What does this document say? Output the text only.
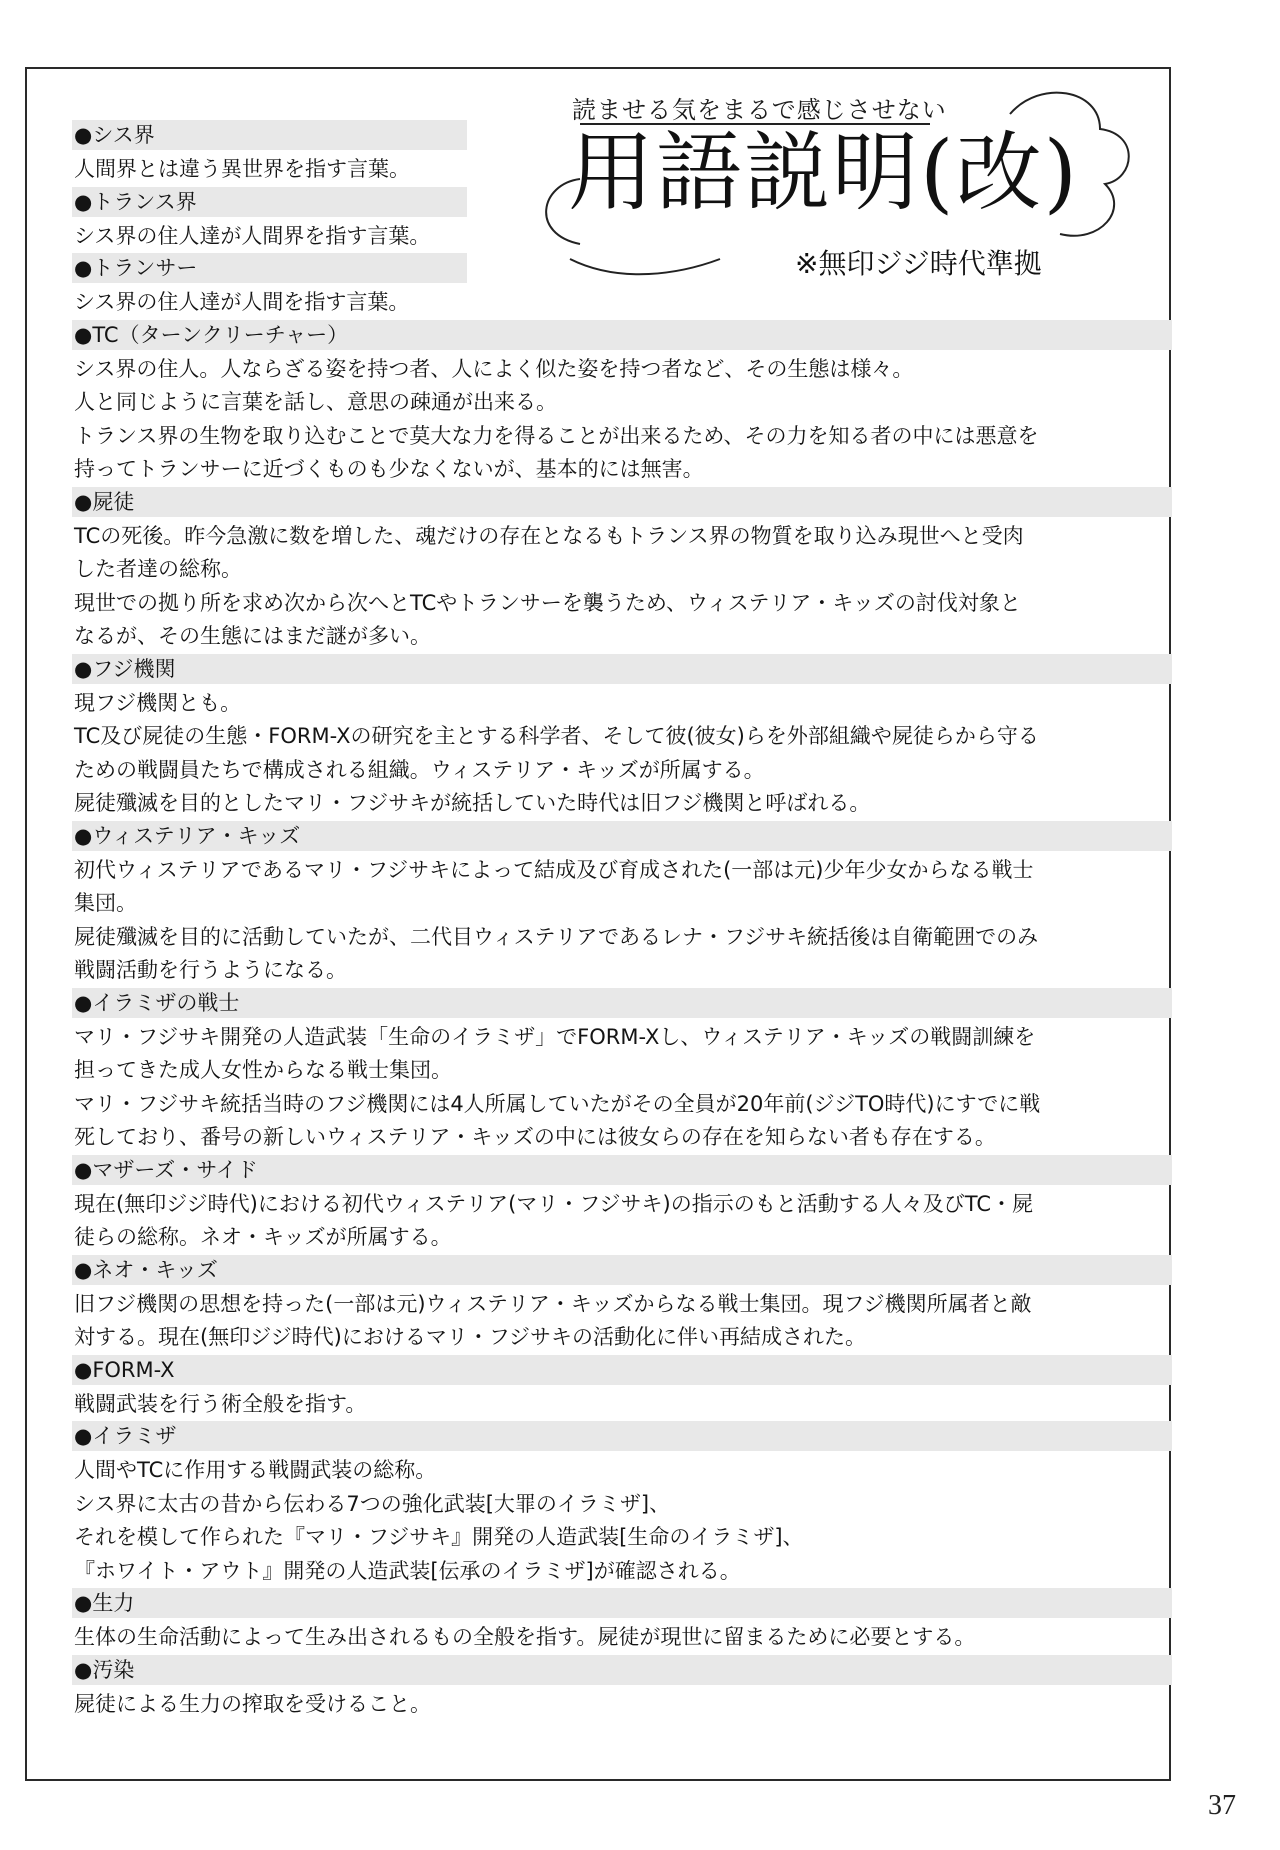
読ませる気をまるで感じさせない
用語説明(改)
※無印ジジ時代準拠
●シス界

人間界とは違う異世界を指す言葉。

●トランス界

シス界の住人達が人間界を指す言葉。

●トランサー

シス界の住人達が人間を指す言葉。

●TC（ターンクリーチャー）

シス界の住人。人ならざる姿を持つ者、人によく似た姿を持つ者など、その生態は様々。

人と同じように言葉を話し、意思の疎通が出来る。

トランス界の生物を取り込むことで莫大な力を得ることが出来るため、その力を知る者の中には悪意を

持ってトランサーに近づくものも少なくないが、基本的には無害。

●屍徒

TCの死後。昨今急激に数を増した、魂だけの存在となるもトランス界の物質を取り込み現世へと受肉

した者達の総称。

現世での拠り所を求め次から次へとTCやトランサーを襲うため、ウィステリア・キッズの討伐対象と

なるが、その生態にはまだ謎が多い。

●フジ機関

現フジ機関とも。

TC及び屍徒の生態・FORM-Xの研究を主とする科学者、そして彼(彼女)らを外部組織や屍徒らから守る

ための戦闘員たちで構成される組織。ウィステリア・キッズが所属する。

屍徒殲滅を目的としたマリ・フジサキが統括していた時代は旧フジ機関と呼ばれる。

●ウィステリア・キッズ

初代ウィステリアであるマリ・フジサキによって結成及び育成された(一部は元)少年少女からなる戦士

集団。

屍徒殲滅を目的に活動していたが、二代目ウィステリアであるレナ・フジサキ統括後は自衛範囲でのみ

戦闘活動を行うようになる。

●イラミザの戦士

マリ・フジサキ開発の人造武装「生命のイラミザ」でFORM-Xし、ウィステリア・キッズの戦闘訓練を

担ってきた成人女性からなる戦士集団。

マリ・フジサキ統括当時のフジ機関には4人所属していたがその全員が20年前(ジジTO時代)にすでに戦

死しており、番号の新しいウィステリア・キッズの中には彼女らの存在を知らない者も存在する。

●マザーズ・サイド

現在(無印ジジ時代)における初代ウィステリア(マリ・フジサキ)の指示のもと活動する人々及びTC・屍

徒らの総称。ネオ・キッズが所属する。

●ネオ・キッズ

旧フジ機関の思想を持った(一部は元)ウィステリア・キッズからなる戦士集団。現フジ機関所属者と敵

対する。現在(無印ジジ時代)におけるマリ・フジサキの活動化に伴い再結成された。

●FORM-X

戦闘武装を行う術全般を指す。

●イラミザ

人間やTCに作用する戦闘武装の総称。

シス界に太古の昔から伝わる7つの強化武装[大罪のイラミザ]、

それを模して作られた『マリ・フジサキ』開発の人造武装[生命のイラミザ]、

『ホワイト・アウト』開発の人造武装[伝承のイラミザ]が確認される。

●生力

生体の生命活動によって生み出されるもの全般を指す。屍徒が現世に留まるために必要とする。

●汚染

屍徒による生力の搾取を受けること。

37
